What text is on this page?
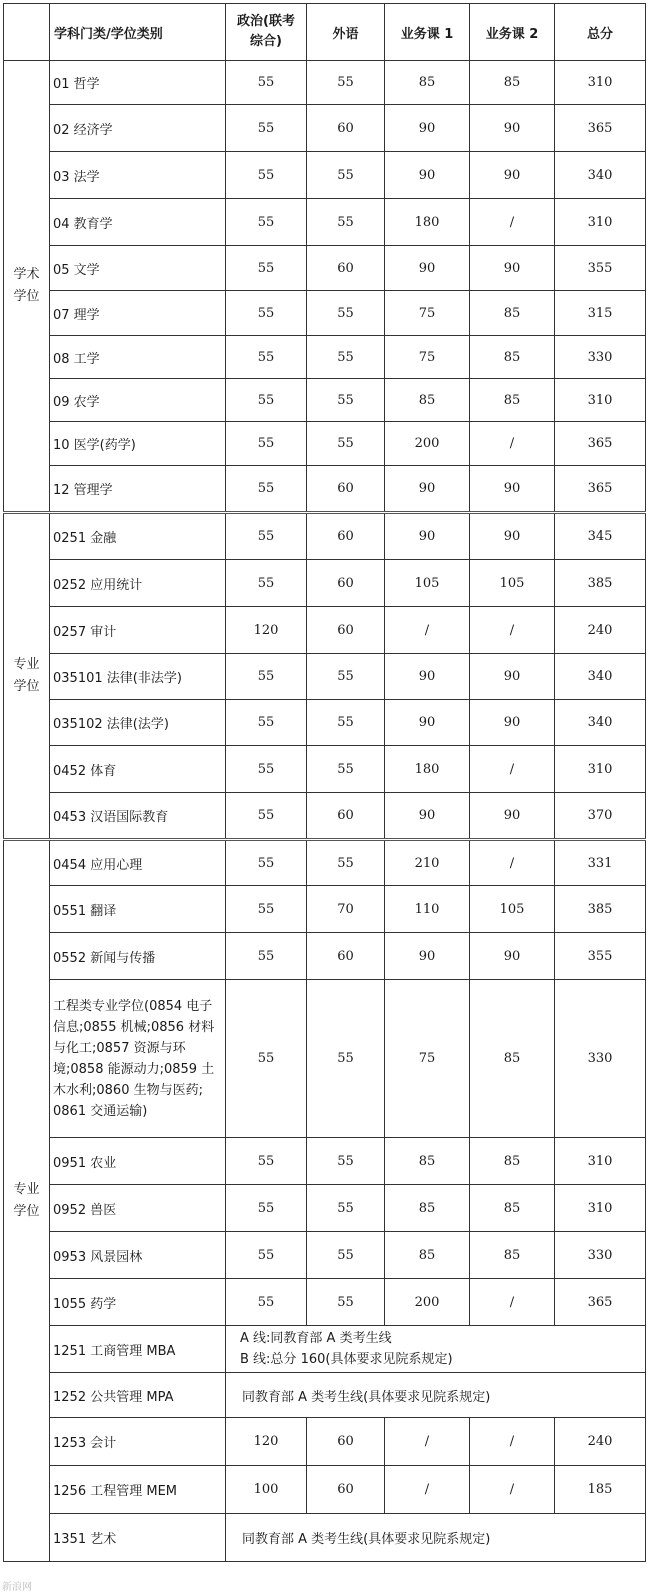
	学科门类/学位类别	政治(联考综合)	外语	业务课 1	业务课 2	总分
学术学位	01 哲学	55	55	85	85	310
	02 经济学	55	60	90	90	365
	03 法学	55	55	90	90	340
	04 教育学	55	55	180	/	310
	05 文学	55	60	90	90	355
	07 理学	55	55	75	85	315
	08 工学	55	55	75	85	330
	09 农学	55	55	85	85	310
	10 医学(药学)	55	55	200	/	365
	12 管理学	55	60	90	90	365
专业学位	0251 金融	55	60	90	90	345
	0252 应用统计	55	60	105	105	385
	0257 审计	120	60	/	/	240
	035101 法律(非法学)	55	55	90	90	340
	035102 法律(法学)	55	55	90	90	340
	0452 体育	55	55	180	/	310
	0453 汉语国际教育	55	60	90	90	370
专业学位	0454 应用心理	55	55	210	/	331
	0551 翻译	55	70	110	105	385
	0552 新闻与传播	55	60	90	90	355
	工程类专业学位(0854 电子信息;0855 机械;0856 材料与化工;0857 资源与环境;0858 能源动力;0859 土木水利;0860 生物与医药; 0861 交通运输)	55	55	75	85	330
	0951 农业	55	55	85	85	310
	0952 兽医	55	55	85	85	310
	0953 风景园林	55	55	85	85	330
	1055 药学	55	55	200	/	365
	1251 工商管理 MBA	A 线:同教育部 A 类考生线
B 线:总分 160(具体要求见院系规定)				

	1252 公共管理 MPA	同教育部 A 类考生线(具体要求见院系规定)				
	1253 会计	120	60	/	/	240
	1256 工程管理 MEM	100	60	/	/	185
	1351 艺术	同教育部 A 类考生线(具体要求见院系规定)				
新浪网
